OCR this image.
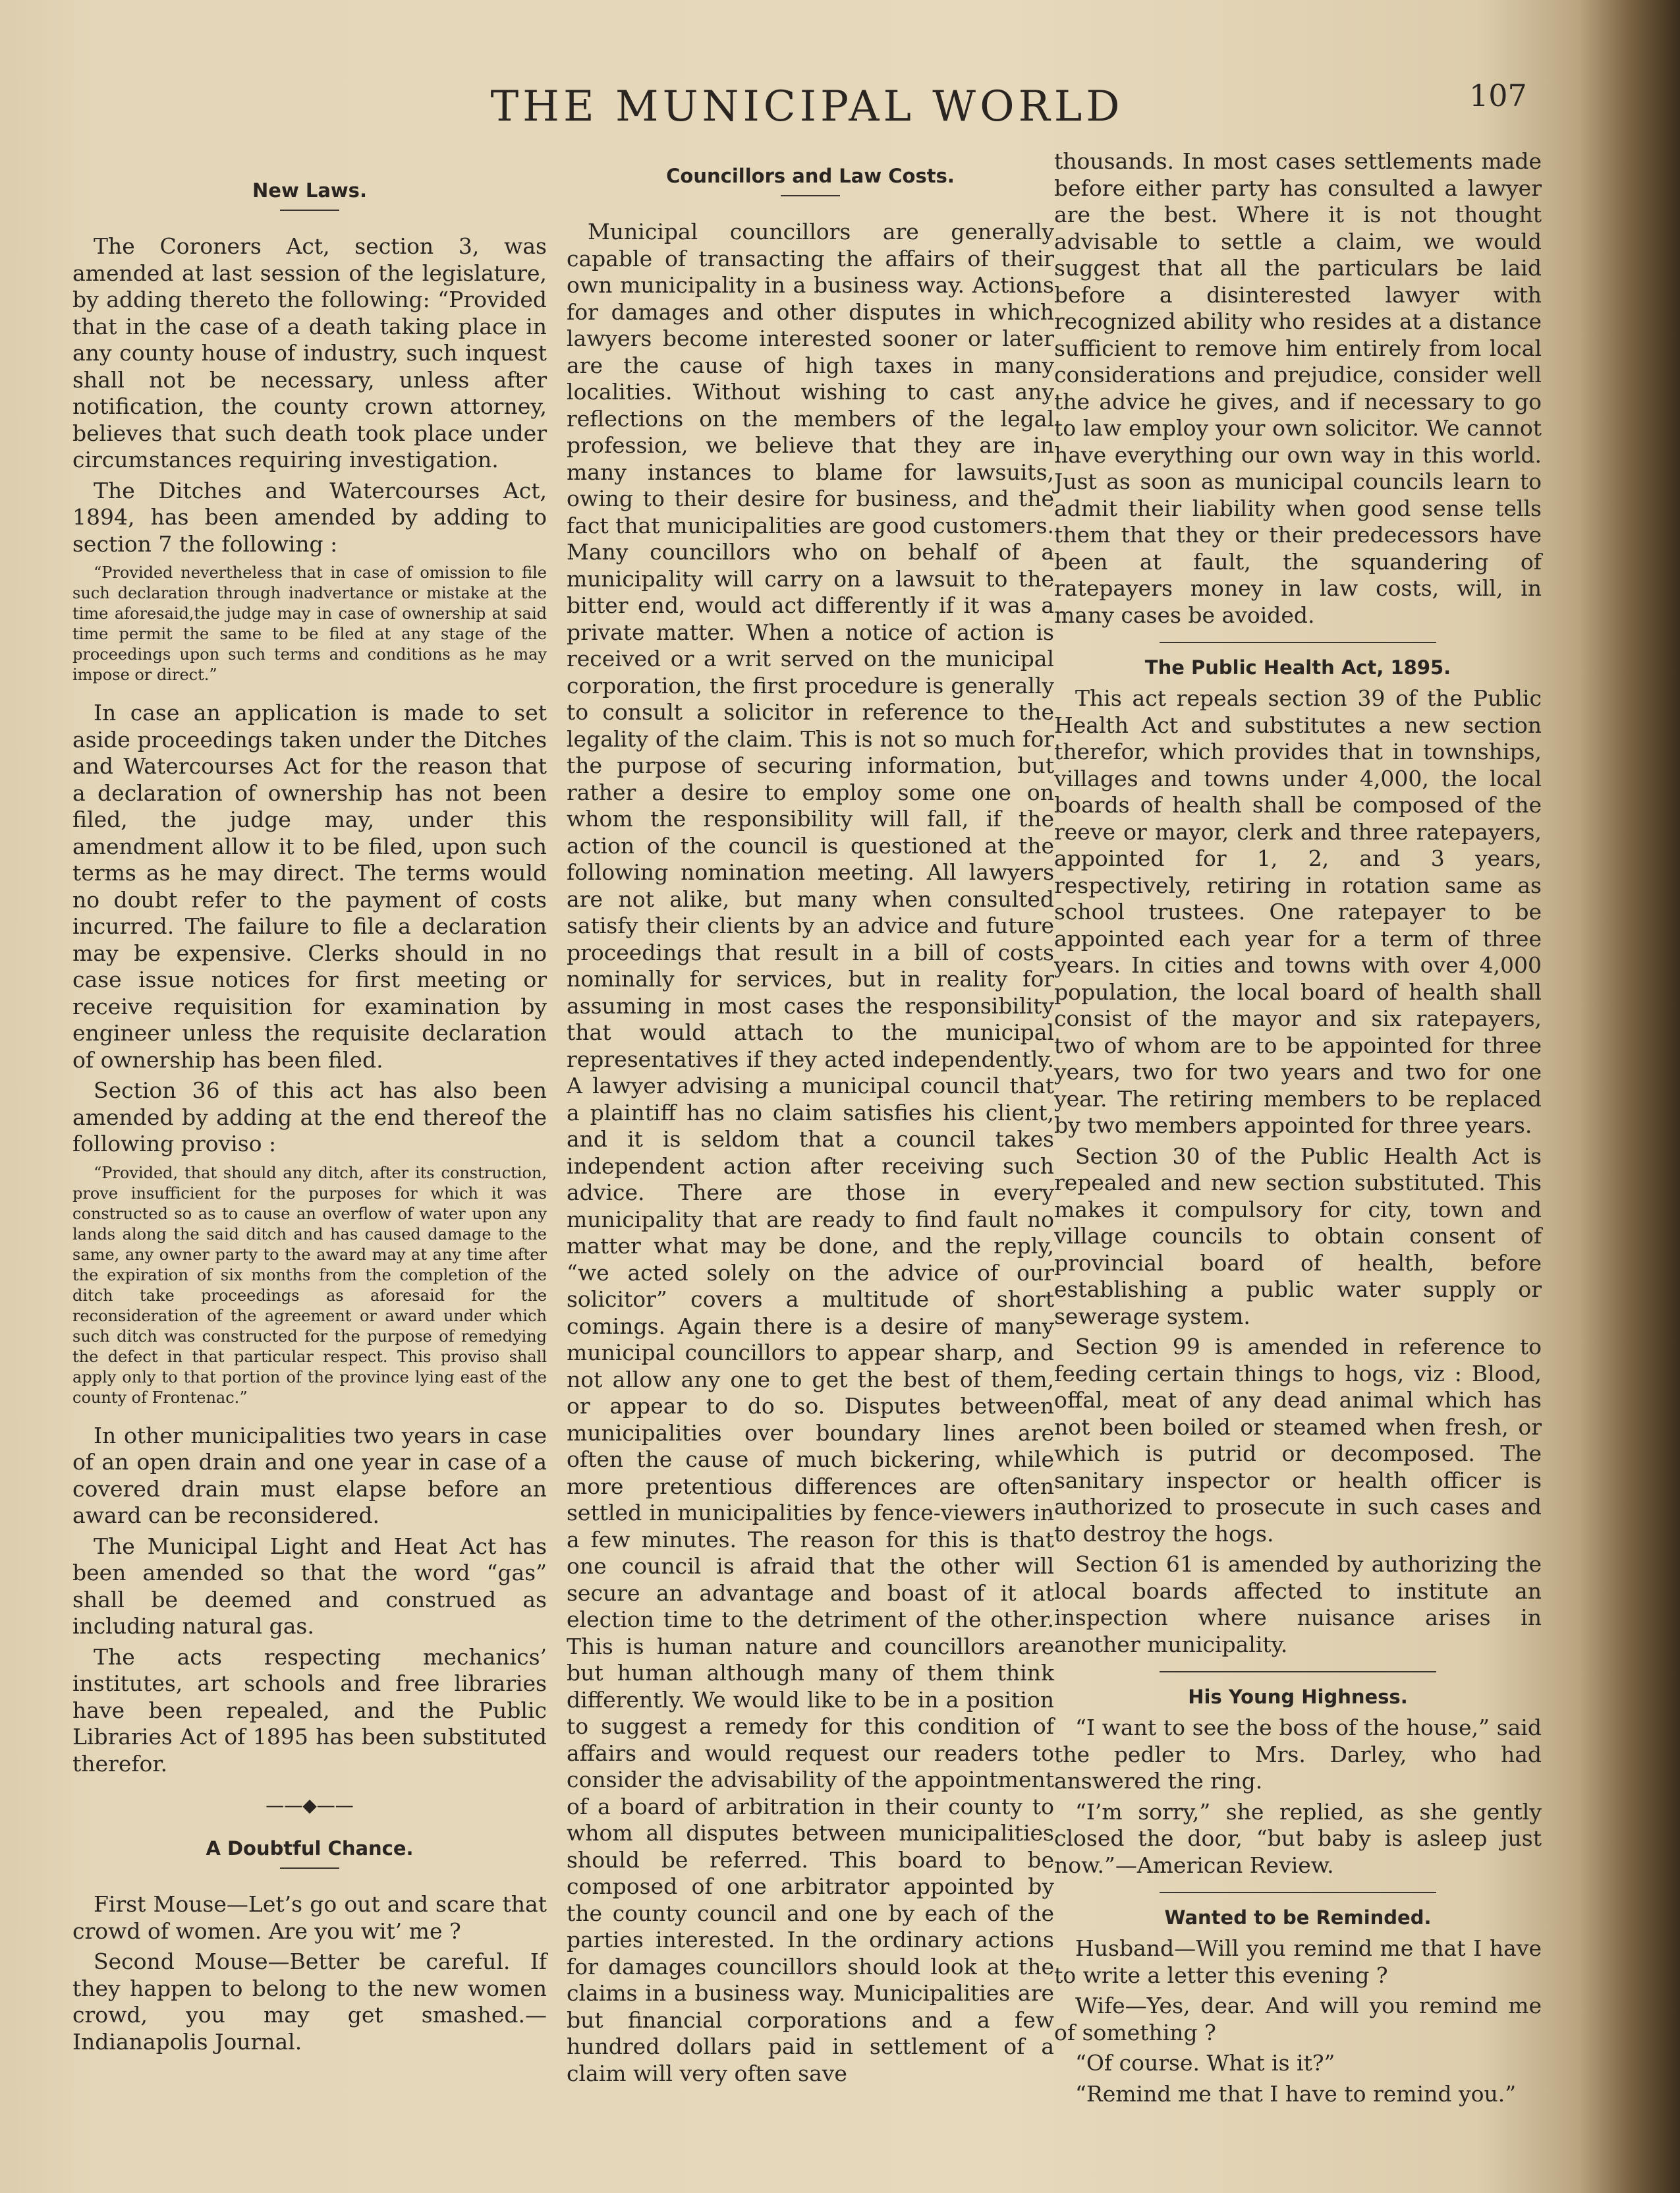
THE MUNICIPAL WORLD	107
New Laws.

The Coroners Act, section 3, was amended at last session of the legislature, by adding thereto the following: “Provided that in the case of a death taking place in any county house of industry, such inquest shall not be necessary, unless after notification, the county crown attorney, believes that such death took place under circumstances requiring investigation.

The Ditches and Watercourses Act, 1894, has been amended by adding to section 7 the following :

“Provided nevertheless that in case of omission to file such declaration through inadvertance or mistake at the time aforesaid,the judge may in case of ownership at said time permit the same to be filed at any stage of the proceedings upon such terms and conditions as he may impose or direct.”

In case an application is made to set aside proceedings taken under the Ditches and Watercourses Act for the reason that a declaration of ownership has not been filed, the judge may, under this amendment allow it to be filed, upon such terms as he may direct. The terms would no doubt refer to the payment of costs incurred. The failure to file a declaration may be expensive. Clerks should in no case issue notices for first meeting or receive requisition for examination by engineer unless the requisite declaration of ownership has been filed.

Section 36 of this act has also been amended by adding at the end thereof the following proviso :

“Provided, that should any ditch, after its construction, prove insufficient for the purposes for which it was constructed so as to cause an overflow of water upon any lands along the said ditch and has caused damage to the same, any owner party to the award may at any time after the expiration of six months from the completion of the ditch take proceedings as aforesaid for the reconsideration of the agreement or award under which such ditch was constructed for the purpose of remedying the defect in that particular respect. This proviso shall apply only to that portion of the province lying east of the county of Frontenac.”

In other municipalities two years in case of an open drain and one year in case of a covered drain must elapse before an award can be reconsidered.

The Municipal Light and Heat Act has been amended so that the word “gas” shall be deemed and construed as including natural gas.

The acts respecting mechanics’ institutes, art schools and free libraries have been repealed, and the Public Libraries Act of 1895 has been substituted therefor.

——◆——
A Doubtful Chance.

First Mouse—Let’s go out and scare that crowd of women. Are you wit’ me ?

Second Mouse—Better be careful. If they happen to belong to the new women crowd, you may get smashed.—Indianapolis Journal.

Councillors and Law Costs.

Municipal councillors are generally capable of transacting the affairs of their own municipality in a business way. Actions for damages and other disputes in which lawyers become interested sooner or later are the cause of high taxes in many localities. Without wishing to cast any reflections on the members of the legal profession, we believe that they are in many instances to blame for lawsuits, owing to their desire for business, and the fact that municipalities are good customers. Many councillors who on behalf of a municipality will carry on a lawsuit to the bitter end, would act differently if it was a private matter. When a notice of action is received or a writ served on the municipal corporation, the first procedure is generally to consult a solicitor in reference to the legality of the claim. This is not so much for the purpose of securing information, but rather a desire to employ some one on whom the responsibility will fall, if the action of the council is questioned at the following nomination meeting. All lawyers are not alike, but many when consulted satisfy their clients by an advice and future proceedings that result in a bill of costs nominally for services, but in reality for assuming in most cases the responsibility that would attach to the municipal representatives if they acted independently. A lawyer advising a municipal council that a plaintiff has no claim satisfies his client, and it is seldom that a council takes independent action after receiving such advice. There are those in every municipality that are ready to find fault no matter what may be done, and the reply, “we acted solely on the advice of our solicitor” covers a multitude of short comings. Again there is a desire of many municipal councillors to appear sharp, and not allow any one to get the best of them, or appear to do so. Disputes between municipalities over boundary lines are often the cause of much bickering, while more pretentious differences are often settled in municipalities by fence-viewers in a few minutes. The reason for this is that one council is afraid that the other will secure an advantage and boast of it at election time to the detriment of the other. This is human nature and councillors are but human although many of them think differently. We would like to be in a position to suggest a remedy for this condition of affairs and would request our readers to consider the advisability of the appointment of a board of arbitration in their county to whom all disputes between municipalities should be referred. This board to be composed of one arbitrator appointed by the county council and one by each of the parties interested. In the ordinary actions for damages councillors should look at the claims in a business way. Municipalities are but financial corporations and a few hundred dollars paid in settlement of a claim will very often save

thousands. In most cases settlements made before either party has consulted a lawyer are the best. Where it is not thought advisable to settle a claim, we would suggest that all the particulars be laid before a disinterested lawyer with recognized ability who resides at a distance sufficient to remove him entirely from local considerations and prejudice, consider well the advice he gives, and if necessary to go to law employ your own solicitor. We cannot have everything our own way in this world. Just as soon as municipal councils learn to admit their liability when good sense tells them that they or their predecessors have been at fault, the squandering of ratepayers money in law costs, will, in many cases be avoided.

The Public Health Act, 1895.

This act repeals section 39 of the Public Health Act and substitutes a new section therefor, which provides that in townships, villages and towns under 4,000, the local boards of health shall be composed of the reeve or mayor, clerk and three ratepayers, appointed for 1, 2, and 3 years, respectively, retiring in rotation same as school trustees. One ratepayer to be appointed each year for a term of three years. In cities and towns with over 4,000 population, the local board of health shall consist of the mayor and six ratepayers, two of whom are to be appointed for three years, two for two years and two for one year. The retiring members to be replaced by two members appointed for three years.

Section 30 of the Public Health Act is repealed and new section substituted. This makes it compulsory for city, town and village councils to obtain consent of provincial board of health, before establishing a public water supply or sewerage system.

Section 99 is amended in reference to feeding certain things to hogs, viz : Blood, offal, meat of any dead animal which has not been boiled or steamed when fresh, or which is putrid or decomposed. The sanitary inspector or health officer is authorized to prosecute in such cases and to destroy the hogs.

Section 61 is amended by authorizing the local boards affected to institute an inspection where nuisance arises in another municipality.

His Young Highness.

“I want to see the boss of the house,” said the pedler to Mrs. Darley, who had answered the ring.

“I’m sorry,” she replied, as she gently closed the door, “but baby is asleep just now.”—American Review.

Wanted to be Reminded.

Husband—Will you remind me that I have to write a letter this evening ?

Wife—Yes, dear. And will you remind me of something ?

“Of course. What is it?”

“Remind me that I have to remind you.”
